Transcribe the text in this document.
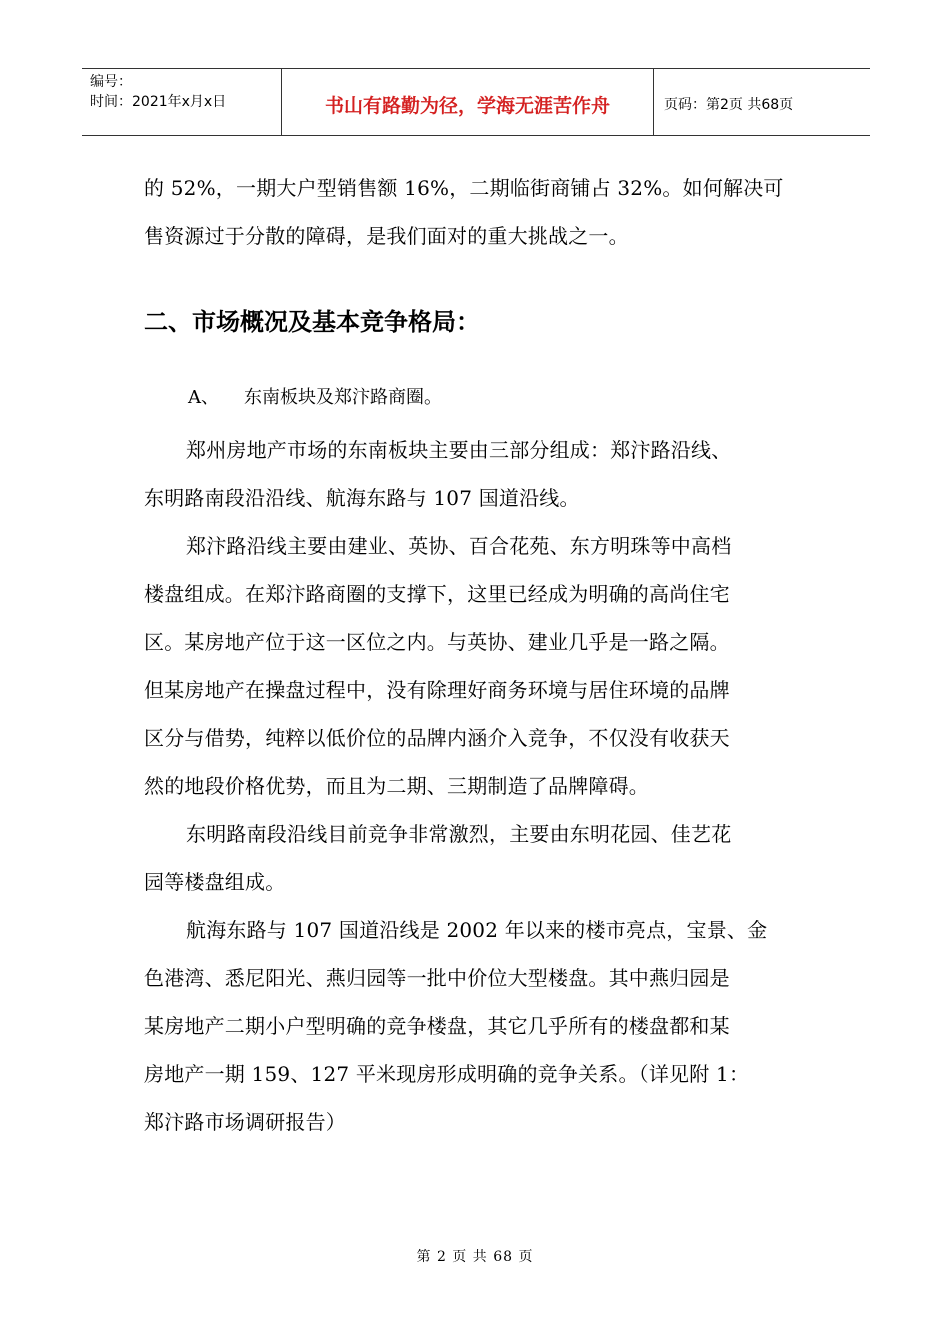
编号：
时间：2021年x月x日	书山有路勤为径，学海无涯苦作舟	页码：第2页 共68页
的 52%，一期大户型销售额 16%，二期临街商铺占 32%。如何解决可
售资源过于分散的障碍，是我们面对的重大挑战之一。
二、市场概况及基本竞争格局：
A、 东南板块及郑汴路商圈。
郑州房地产市场的东南板块主要由三部分组成：郑汴路沿线、
东明路南段沿沿线、航海东路与 107 国道沿线。
郑汴路沿线主要由建业、英协、百合花苑、东方明珠等中高档
楼盘组成。在郑汴路商圈的支撑下，这里已经成为明确的高尚住宅
区。某房地产位于这一区位之内。与英协、建业几乎是一路之隔。
但某房地产在操盘过程中，没有除理好商务环境与居住环境的品牌
区分与借势，纯粹以低价位的品牌内涵介入竞争，不仅没有收获天
然的地段价格优势，而且为二期、三期制造了品牌障碍。
东明路南段沿线目前竞争非常激烈，主要由东明花园、佳艺花
园等楼盘组成。
航海东路与 107 国道沿线是 2002 年以来的楼市亮点，宝景、金
色港湾、悉尼阳光、燕归园等一批中价位大型楼盘。其中燕归园是
某房地产二期小户型明确的竞争楼盘，其它几乎所有的楼盘都和某
房地产一期 159、127 平米现房形成明确的竞争关系。（详见附 1：
郑汴路市场调研报告）
第 2 页 共 68 页
